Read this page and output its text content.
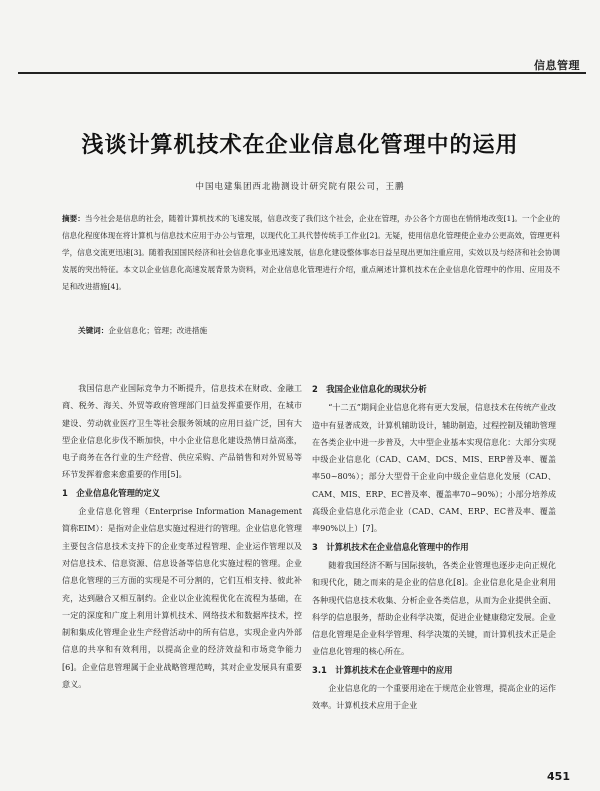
信息管理
浅谈计算机技术在企业信息化管理中的运用
中国电建集团西北勘测设计研究院有限公司，王鹏
摘要：当今社会是信息的社会，随着计算机技术的飞速发展，信息改变了我们这个社会，企业在管理，办公各个方面也在悄悄地改变[1]。一个企业的信息化程度体现在将计算机与信息技术应用于办公与管理，以现代化工具代替传统手工作业[2]。无疑，使用信息化管理使企业办公更高效，管理更科学，信息交流更迅速[3]。随着我国国民经济和社会信息化事业迅速发展，信息化建设整体事态日益呈现出更加注重应用，实效以及与经济和社会协调发展的突出特征。本文以企业信息化高速发展背景为资料，对企业信息化管理进行介绍，重点阐述计算机技术在企业信息化管理中的作用、应用及不足和改进措施[4]。
关键词：企业信息化；管理；改进措施

我国信息产业国际竞争力不断提升，信息技术在财政、金融工商、税务、海关、外贸等政府管理部门日益发挥重要作用，在城市建设、劳动就业医疗卫生等社会服务领域的应用日益广泛，国有大型企业信息化步伐不断加快，中小企业信息化建设热情日益高涨，电子商务在各行业的生产经营、供应采购、产品销售和对外贸易等环节发挥着愈来愈重要的作用[5]。

1　企业信息化管理的定义

企业信息化管理（Enterprise Information Management简称EIM）：是指对企业信息实施过程进行的管理。企业信息化管理主要包含信息技术支持下的企业变革过程管理、企业运作管理以及对信息技术、信息资源、信息设备等信息化实施过程的管理。企业信息化管理的三方面的实现是不可分割的，它们互相支持、彼此补充，达到融合又相互制约。企业以企业流程优化在流程为基础，在一定的深度和广度上利用计算机技术、网络技术和数据库技术，控制和集成化管理企业生产经营活动中的所有信息，实现企业内外部信息的共享和有效利用，以提高企业的经济效益和市场竞争能力[6]。企业信息管理属于企业战略管理范畴，其对企业发展具有重要意义。

2　我国企业信息化的现状分析

“十二五”期间企业信息化将有更大发展，信息技术在传统产业改造中有显著成效，计算机辅助设计，辅助制造，过程控制及辅助管理在各类企业中进一步普及，大中型企业基本实现信息化：大部分实现中级企业信息化（CAD、CAM、DCS、MIS、ERP普及率、覆盖率50~80%）；部分大型骨干企业向中级企业信息化发展（CAD、CAM、MIS、ERP、EC普及率、覆盖率70~90%）；小部分培养成高级企业信息化示范企业（CAD、CAM、ERP、EC普及率、覆盖率90%以上）[7]。

3　计算机技术在企业信息化管理中的作用

随着我国经济不断与国际接轨，各类企业管理也逐步走向正规化和现代化，随之而来的是企业的信息化[8]。企业信息化是企业利用各种现代信息技术收集、分析企业各类信息，从而为企业提供全面、科学的信息服务，帮助企业科学决策，促进企业健康稳定发展。企业信息化管理是企业科学管理、科学决策的关键，而计算机技术正是企业信息化管理的核心所在。

3.1　计算机技术在企业管理中的应用

企业信息化的一个重要用途在于规范企业管理，提高企业的运作效率。计算机技术应用于企业

451
